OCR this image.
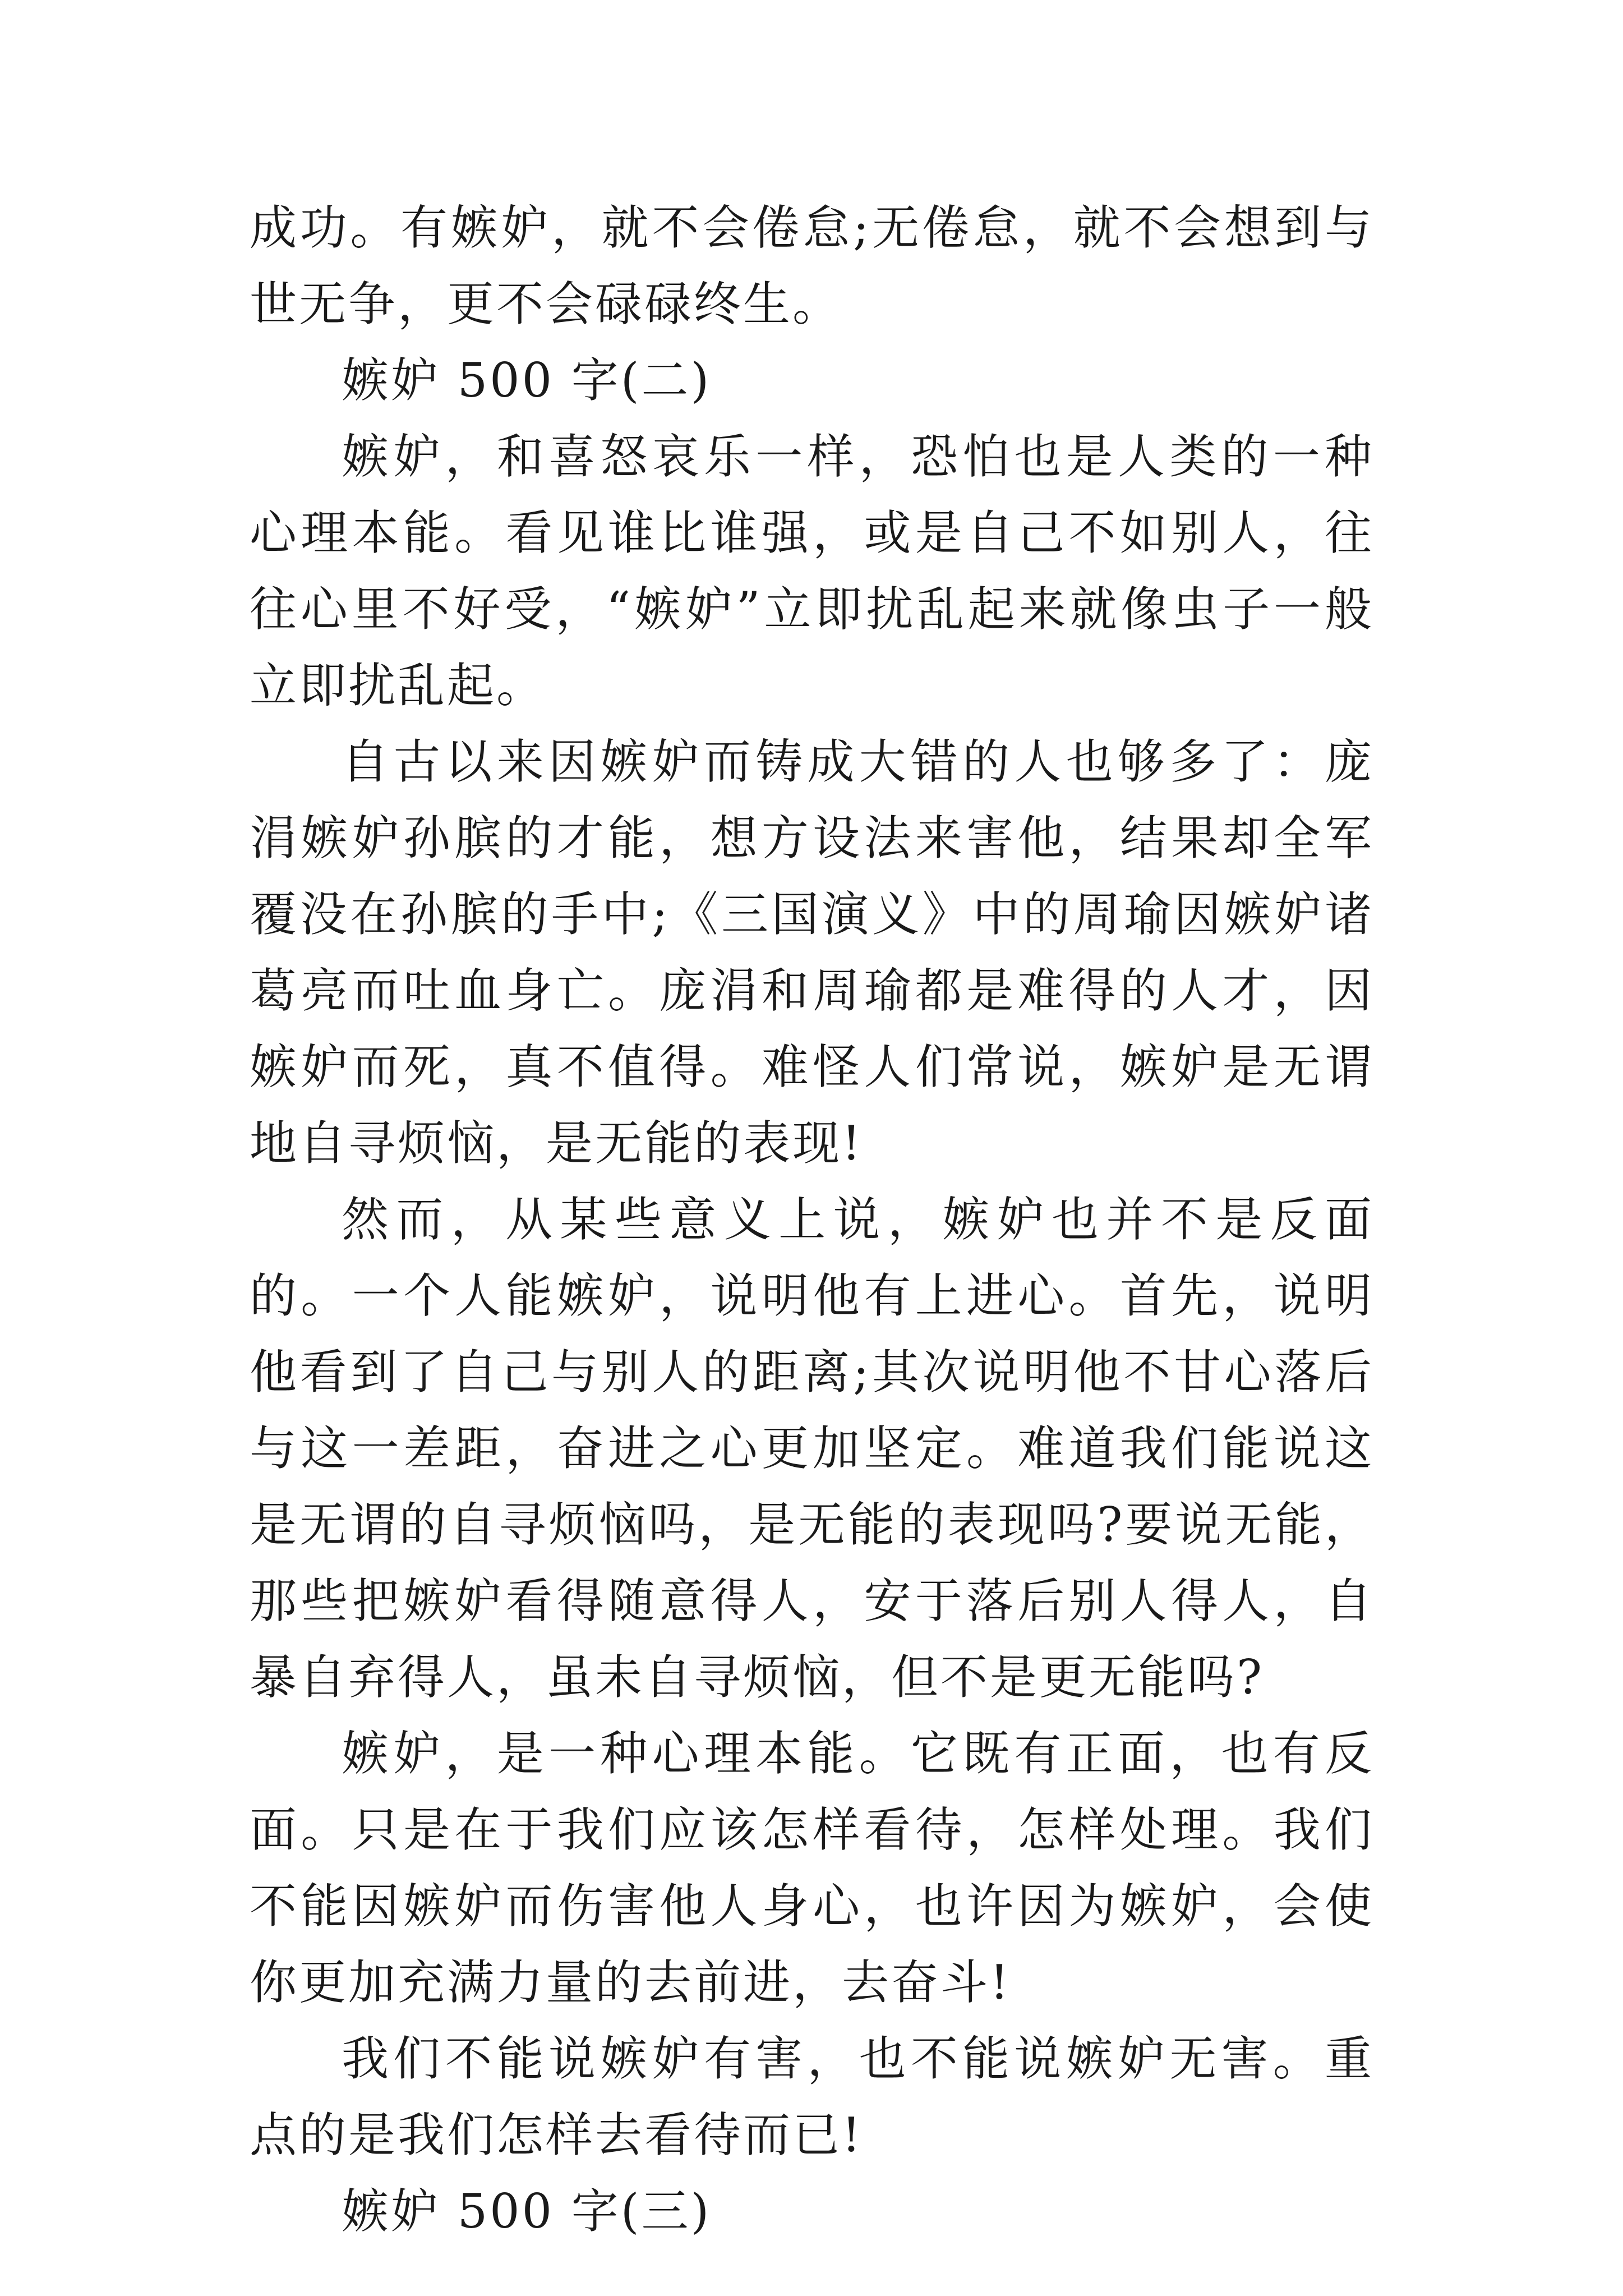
成功。有嫉妒，就不会倦怠;无倦怠，就不会想到与世无争，更不会碌碌终生。

嫉妒 500 字(二)

嫉妒，和喜怒哀乐一样，恐怕也是人类的一种心理本能。看见谁比谁强，或是自己不如别人，往往心里不好受，“嫉妒”立即扰乱起来就像虫子一般立即扰乱起。

自古以来因嫉妒而铸成大错的人也够多了：庞涓嫉妒孙膑的才能，想方设法来害他，结果却全军覆没在孙膑的手中;《三国演义》中的周瑜因嫉妒诸葛亮而吐血身亡。庞涓和周瑜都是难得的人才，因嫉妒而死，真不值得。难怪人们常说，嫉妒是无谓地自寻烦恼，是无能的表现!

然而，从某些意义上说，嫉妒也并不是反面的。一个人能嫉妒，说明他有上进心。首先，说明他看到了自己与别人的距离;其次说明他不甘心落后与这一差距，奋进之心更加坚定。难道我们能说这是无谓的自寻烦恼吗，是无能的表现吗?要说无能，那些把嫉妒看得随意得人，安于落后别人得人，自暴自弃得人，虽未自寻烦恼，但不是更无能吗?

嫉妒，是一种心理本能。它既有正面，也有反面。只是在于我们应该怎样看待，怎样处理。我们不能因嫉妒而伤害他人身心，也许因为嫉妒，会使你更加充满力量的去前进，去奋斗!

我们不能说嫉妒有害，也不能说嫉妒无害。重点的是我们怎样去看待而已!

嫉妒 500 字(三)
